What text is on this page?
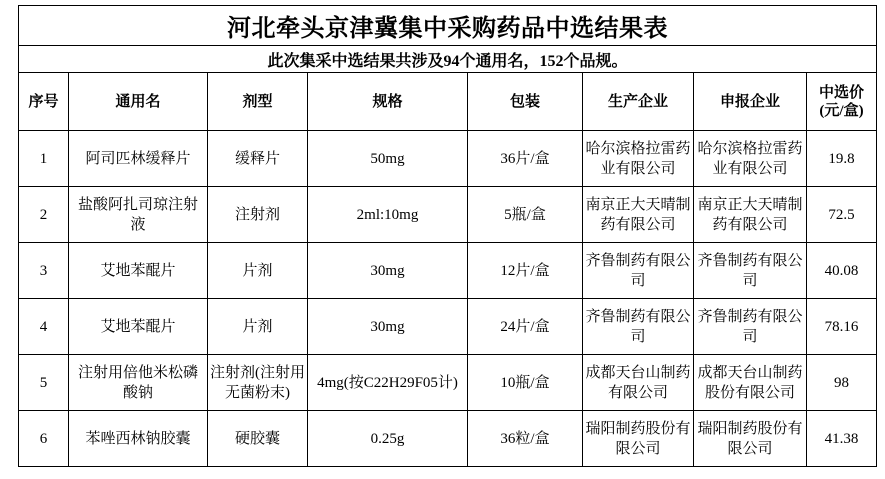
河北牵头京津冀集中采购药品中选结果表							
此次集采中选结果共涉及94个通用名，152个品规。							
序号	通用名	剂型	规格	包装	生产企业	申报企业	中选价(元/盒)
1	阿司匹林缓释片	缓释片	50mg	36片/盒	哈尔滨格拉雷药业有限公司	哈尔滨格拉雷药业有限公司	19.8
2	盐酸阿扎司琼注射液	注射剂	2ml:10mg	5瓶/盒	南京正大天晴制药有限公司	南京正大天晴制药有限公司	72.5
3	艾地苯醌片	片剂	30mg	12片/盒	齐鲁制药有限公司	齐鲁制药有限公司	40.08
4	艾地苯醌片	片剂	30mg	24片/盒	齐鲁制药有限公司	齐鲁制药有限公司	78.16
5	注射用倍他米松磷酸钠	注射剂(注射用无菌粉末)	4mg(按C22H29F05计)	10瓶/盒	成都天台山制药有限公司	成都天台山制药股份有限公司	98
6	苯唑西林钠胶囊	硬胶囊	0.25g	36粒/盒	瑞阳制药股份有限公司	瑞阳制药股份有限公司	41.38
